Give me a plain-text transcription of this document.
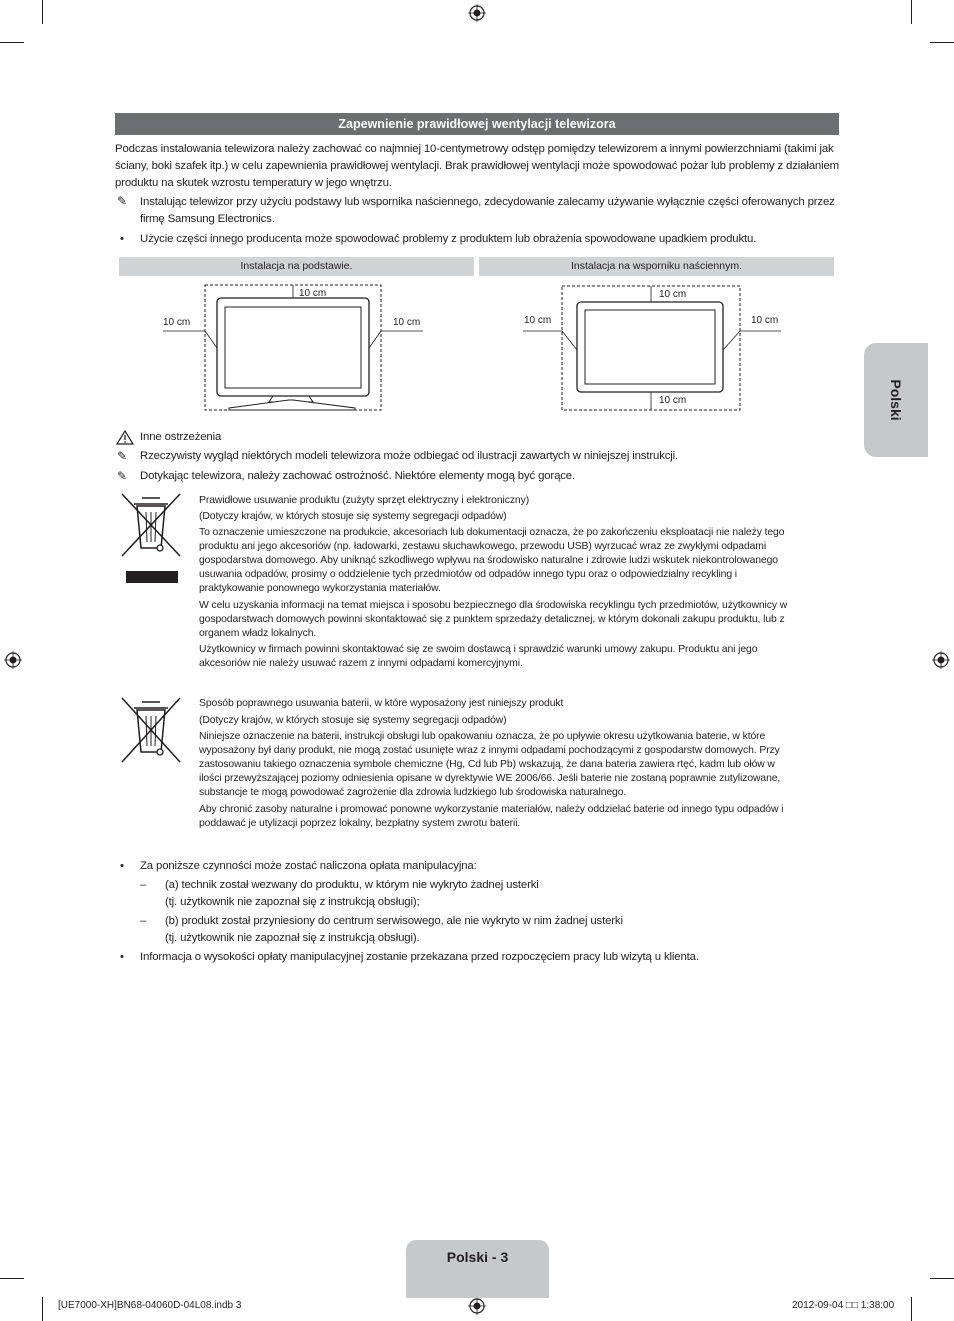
Zapewnienie prawidłowej wentylacji telewizora
Podczas instalowania telewizora należy zachować co najmniej 10-centymetrowy odstęp pomiędzy telewizorem a innymi powierzchniami (takimi jak
ściany, boki szafek itp.) w celu zapewnienia prawidłowej wentylacji. Brak prawidłowej wentylacji może spowodować pożar lub problemy z działaniem
produktu na skutek wzrostu temperatury w jego wnętrzu.
✎ Instalując telewizor przy użyciu podstawy lub wspornika naściennego, zdecydowanie zalecamy używanie wyłącznie części oferowanych przez
firmę Samsung Electronics.
• Użycie części innego producenta może spowodować problemy z produktem lub obrażenia spowodowane upadkiem produktu.
Instalacja na podstawie.	Instalacja na wsporniku naściennym.
10 cm
10 cm	10 cm
10 cm
10 cm	10 cm
10 cm
Inne ostrzeżenia
✎ Rzeczywisty wygląd niektórych modeli telewizora może odbiegać od ilustracji zawartych w niniejszej instrukcji.
✎ Dotykając telewizora, należy zachować ostrożność. Niektóre elementy mogą być gorące.
Prawidłowe usuwanie produktu (zużyty sprzęt elektryczny i elektroniczny)
(Dotyczy krajów, w których stosuje się systemy segregacji odpadów)
To oznaczenie umieszczone na produkcie, akcesoriach lub dokumentacji oznacza, że po zakończeniu eksploatacji nie należy tego
produktu ani jego akcesoriów (np. ładowarki, zestawu słuchawkowego, przewodu USB) wyrzucać wraz ze zwykłymi odpadami
gospodarstwa domowego. Aby uniknąć szkodliwego wpływu na środowisko naturalne i zdrowie ludzi wskutek niekontrolowanego
usuwania odpadów, prosimy o oddzielenie tych przedmiotów od odpadów innego typu oraz o odpowiedzialny recykling i
praktykowanie ponownego wykorzystania materiałów.
W celu uzyskania informacji na temat miejsca i sposobu bezpiecznego dla środowiska recyklingu tych przedmiotów, użytkownicy w
gospodarstwach domowych powinni skontaktować się z punktem sprzedaży detalicznej, w którym dokonali zakupu produktu, lub z
organem władz lokalnych.
Użytkownicy w firmach powinni skontaktować się ze swoim dostawcą i sprawdzić warunki umowy zakupu. Produktu ani jego
akcesoriów nie należy usuwać razem z innymi odpadami komercyjnymi.
Sposób poprawnego usuwania baterii, w które wyposażony jest niniejszy produkt
(Dotyczy krajów, w których stosuje się systemy segregacji odpadów)
Niniejsze oznaczenie na baterii, instrukcji obsługi lub opakowaniu oznacza, że po upływie okresu użytkowania baterie, w które
wyposażony był dany produkt, nie mogą zostać usunięte wraz z innymi odpadami pochodzącymi z gospodarstw domowych. Przy
zastosowaniu takiego oznaczenia symbole chemiczne (Hg, Cd lub Pb) wskazują, że dana bateria zawiera rtęć, kadm lub ołów w
ilości przewyższającej poziomy odniesienia opisane w dyrektywie WE 2006/66. Jeśli baterie nie zostaną poprawnie zutylizowane,
substancje te mogą powodować zagrożenie dla zdrowia ludzkiego lub środowiska naturalnego.
Aby chronić zasoby naturalne i promować ponowne wykorzystanie materiałów, należy oddzielać baterie od innego typu odpadów i
poddawać je utylizacji poprzez lokalny, bezpłatny system zwrotu baterii.
• Za poniższe czynności może zostać naliczona opłata manipulacyjna:
– (a) technik został wezwany do produktu, w którym nie wykryto żadnej usterki
(tj. użytkownik nie zapoznał się z instrukcją obsługi);
– (b) produkt został przyniesiony do centrum serwisowego, ale nie wykryto w nim żadnej usterki
(tj. użytkownik nie zapoznał się z instrukcją obsługi).
• Informacja o wysokości opłaty manipulacyjnej zostanie przekazana przed rozpoczęciem pracy lub wizytą u klienta.
Polski
Polski - 3
[UE7000-XH]BN68-04060D-04L08.indb 3	2012-09-04 □□ 1:38:00
